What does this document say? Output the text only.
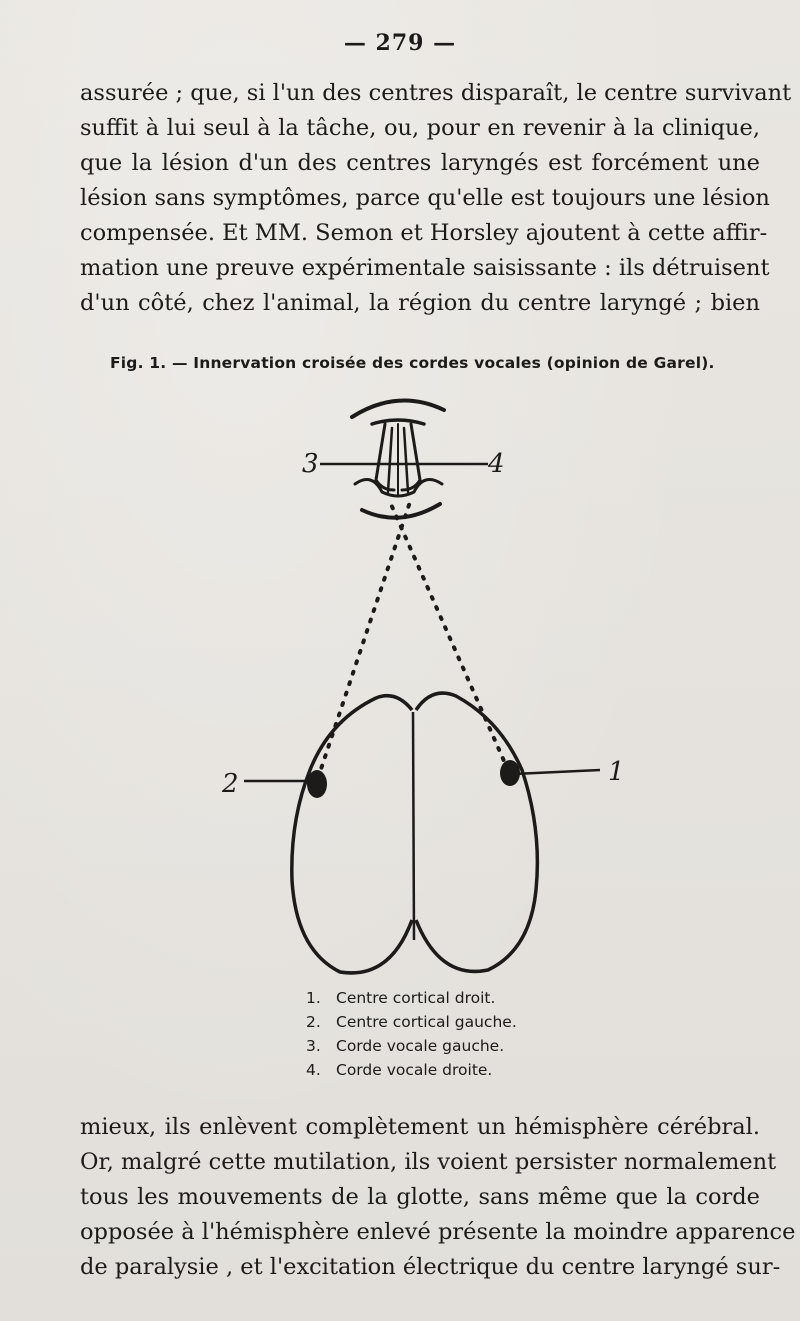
— 279 —
assurée ; que, si l'un des centres disparaît, le centre survivant
suffit à lui seul à la tâche, ou, pour en revenir à la clinique,
que la lésion d'un des centres laryngés est forcément une
lésion sans symptômes, parce qu'elle est toujours une lésion
compensée. Et MM. Semon et Horsley ajoutent à cette affir-
mation une preuve expérimentale saisissante : ils détruisent
d'un côté, chez l'animal, la région du centre laryngé ; bien
Fig. 1. — Innervation croisée des cordes vocales (opinion de Garel).
3	4
1
2
1. Centre cortical droit.
2. Centre cortical gauche.
3. Corde vocale gauche.
4. Corde vocale droite.
mieux, ils enlèvent complètement un hémisphère cérébral.
Or, malgré cette mutilation, ils voient persister normalement
tous les mouvements de la glotte, sans même que la corde
opposée à l'hémisphère enlevé présente la moindre apparence
de paralysie , et l'excitation électrique du centre laryngé sur-
